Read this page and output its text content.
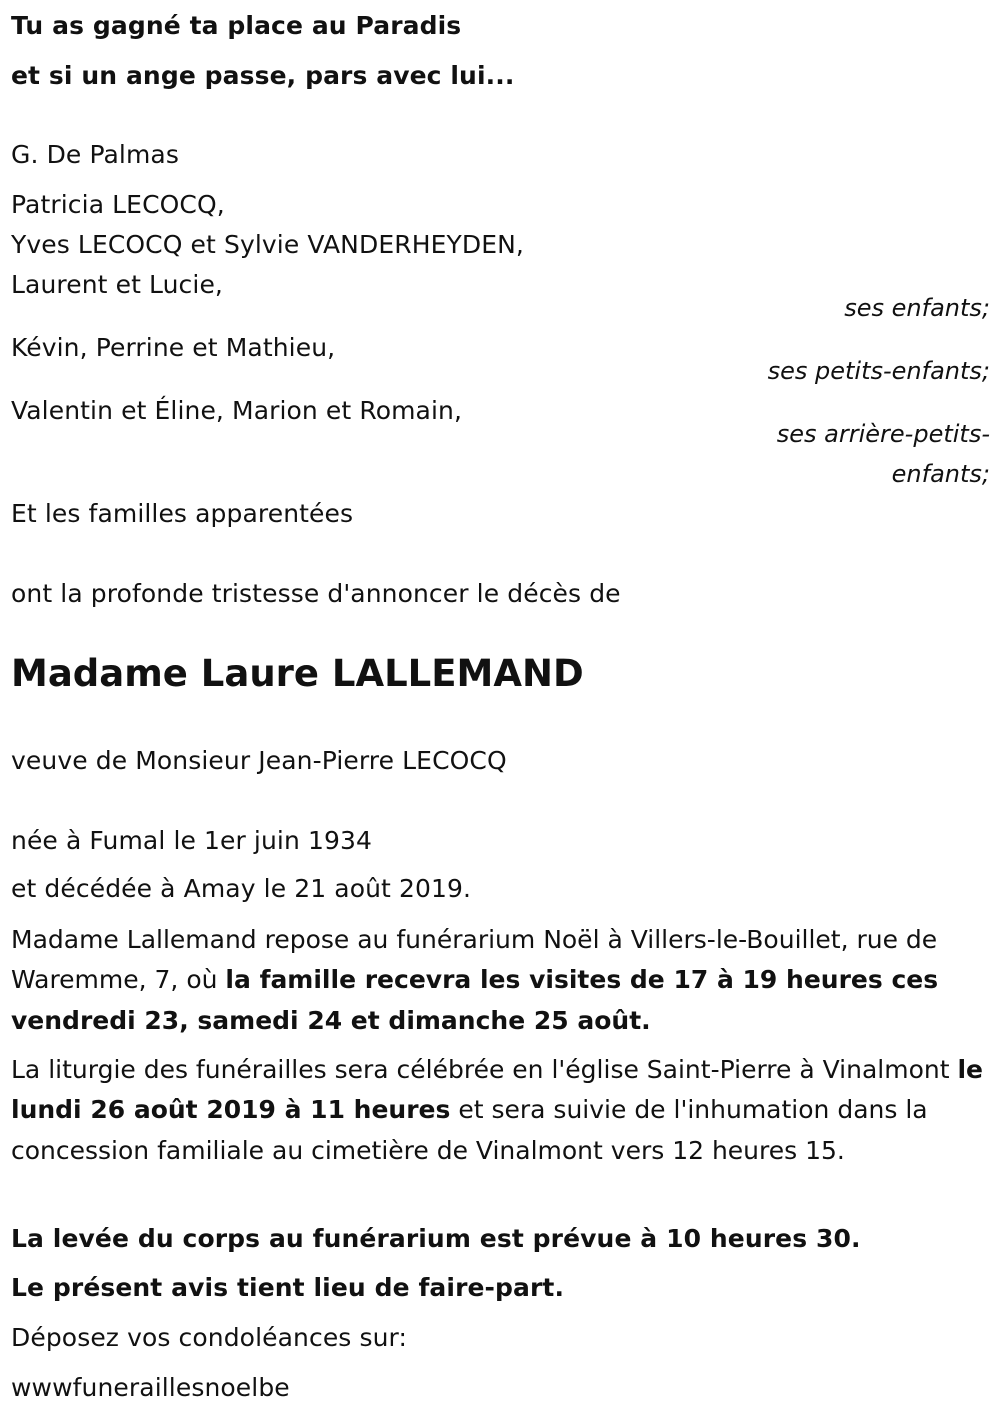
Tu as gagné ta place au Paradis
et si un ange passe, pars avec lui...
G. De Palmas
Patricia LECOCQ,
Yves LECOCQ et Sylvie VANDERHEYDEN,
Laurent et Lucie,
ses enfants;
Kévin, Perrine et Mathieu,
ses petits-enfants;
Valentin et Éline, Marion et Romain,
ses arrière-petits-
enfants;
Et les familles apparentées
ont la profonde tristesse d'annoncer le décès de
Madame Laure LALLEMAND
veuve de Monsieur Jean-Pierre LECOCQ
née à Fumal le 1er juin 1934
et décédée à Amay le 21 août 2019.
Madame Lallemand repose au funérarium Noël à Villers-le-Bouillet, rue de Waremme, 7, où la famille recevra les visites de 17 à 19 heures ces vendredi 23, samedi 24 et dimanche 25 août.
La liturgie des funérailles sera célébrée en l'église Saint-Pierre à Vinalmont le lundi 26 août 2019 à 11 heures et sera suivie de l'inhumation dans la concession familiale au cimetière de Vinalmont vers 12 heures 15.
La levée du corps au funérarium est prévue à 10 heures 30.
Le présent avis tient lieu de faire-part.
Déposez vos condoléances sur:
wwwfuneraillesnoelbe
